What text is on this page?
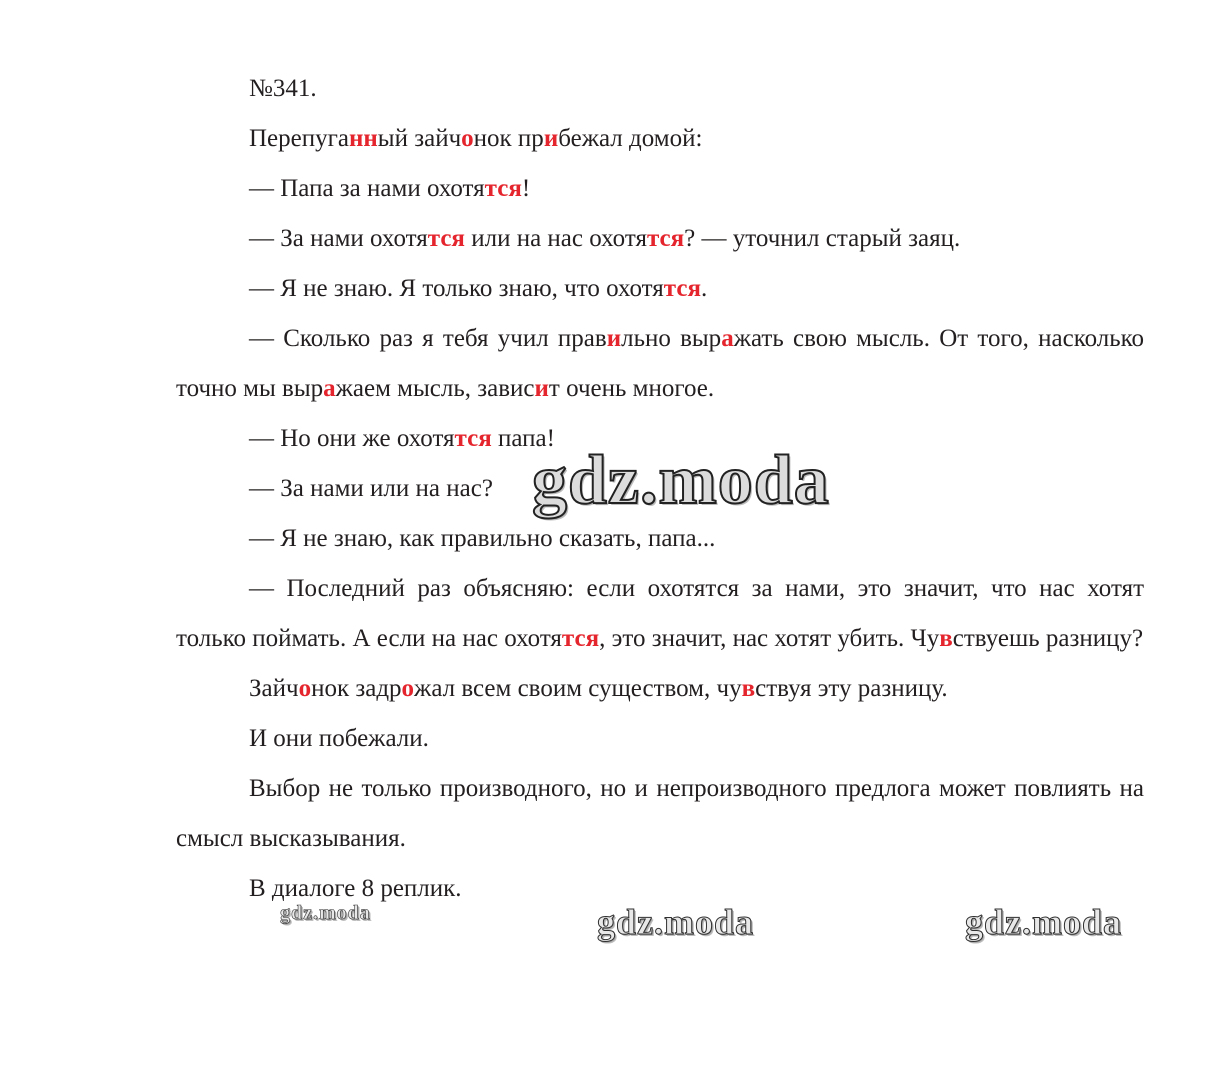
№341.

Перепуганный зайчонок прибежал домой:

— Папа за нами охотятся!

— За нами охотятся или на нас охотятся? — уточнил старый заяц.

— Я не знаю. Я только знаю, что охотятся.

— Сколько раз я тебя учил правильно выражать свою мысль. От того, насколько точно мы выражаем мысль, зависит очень многое.

— Но они же охотятся папа!

— За нами или на нас?

— Я не знаю, как правильно сказать, папа...

— Последний раз объясняю: если охотятся за нами, это значит, что нас хотят только поймать. А если на нас охотятся, это значит, нас хотят убить. Чувствуешь разницу?

Зайчонок задрожал всем своим существом, чувствуя эту разницу.

И они побежали.

Выбор не только производного, но и непроизводного предлога может повлиять на смысл высказывания.

В диалоге 8 реплик.

gdz.moda
gdz.moda	gdz.moda	gdz.moda
